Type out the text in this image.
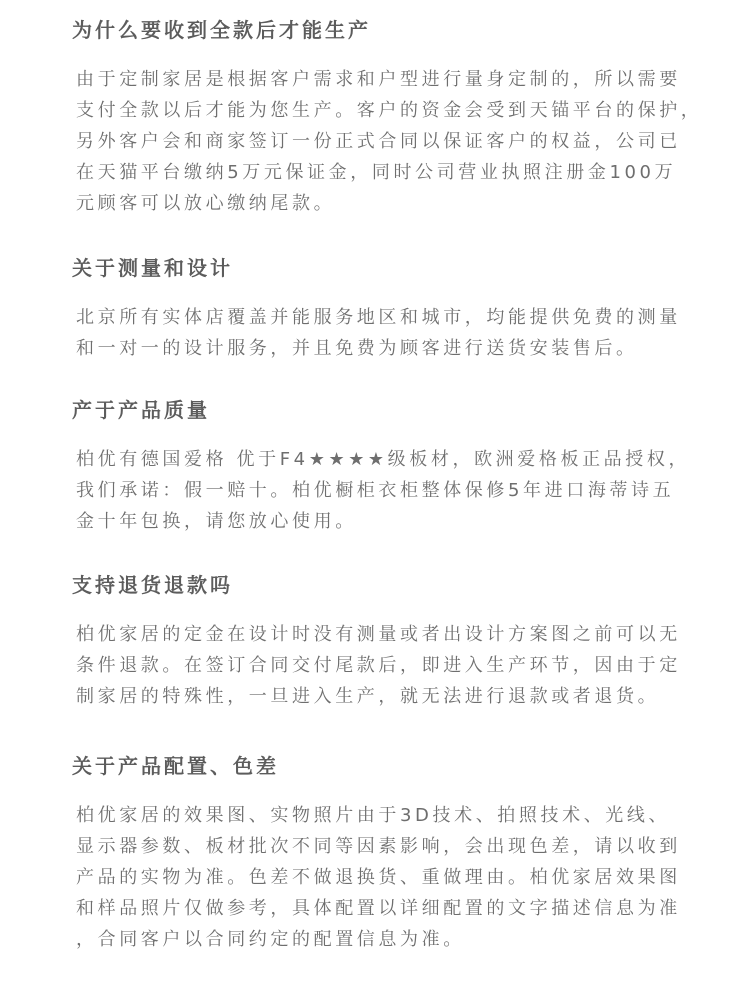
为什么要收到全款后才能生产

由于定制家居是根据客户需求和户型进行量身定制的，所以需要
支付全款以后才能为您生产。客户的资金会受到天锚平台的保护，
另外客户会和商家签订一份正式合同以保证客户的权益，公司已
在天猫平台缴纳5万元保证金，同时公司营业执照注册金100万
元顾客可以放心缴纳尾款。

关于测量和设计

北京所有实体店覆盖并能服务地区和城市，均能提供免费的测量
和一对一的设计服务，并且免费为顾客进行送货安装售后。

产于产品质量

柏优有德国爱格 优于F4★★★★级板材，欧洲爱格板正品授权，
我们承诺：假一赔十。柏优橱柜衣柜整体保修5年进口海蒂诗五
金十年包换，请您放心使用。

支持退货退款吗

柏优家居的定金在设计时没有测量或者出设计方案图之前可以无
条件退款。在签订合同交付尾款后，即进入生产环节，因由于定
制家居的特殊性，一旦进入生产，就无法进行退款或者退货。

关于产品配置、色差

柏优家居的效果图、实物照片由于3D技术、拍照技术、光线、
显示器参数、板材批次不同等因素影响，会出现色差，请以收到
产品的实物为准。色差不做退换货、重做理由。柏优家居效果图
和样品照片仅做参考，具体配置以详细配置的文字描述信息为准
，合同客户以合同约定的配置信息为准。
